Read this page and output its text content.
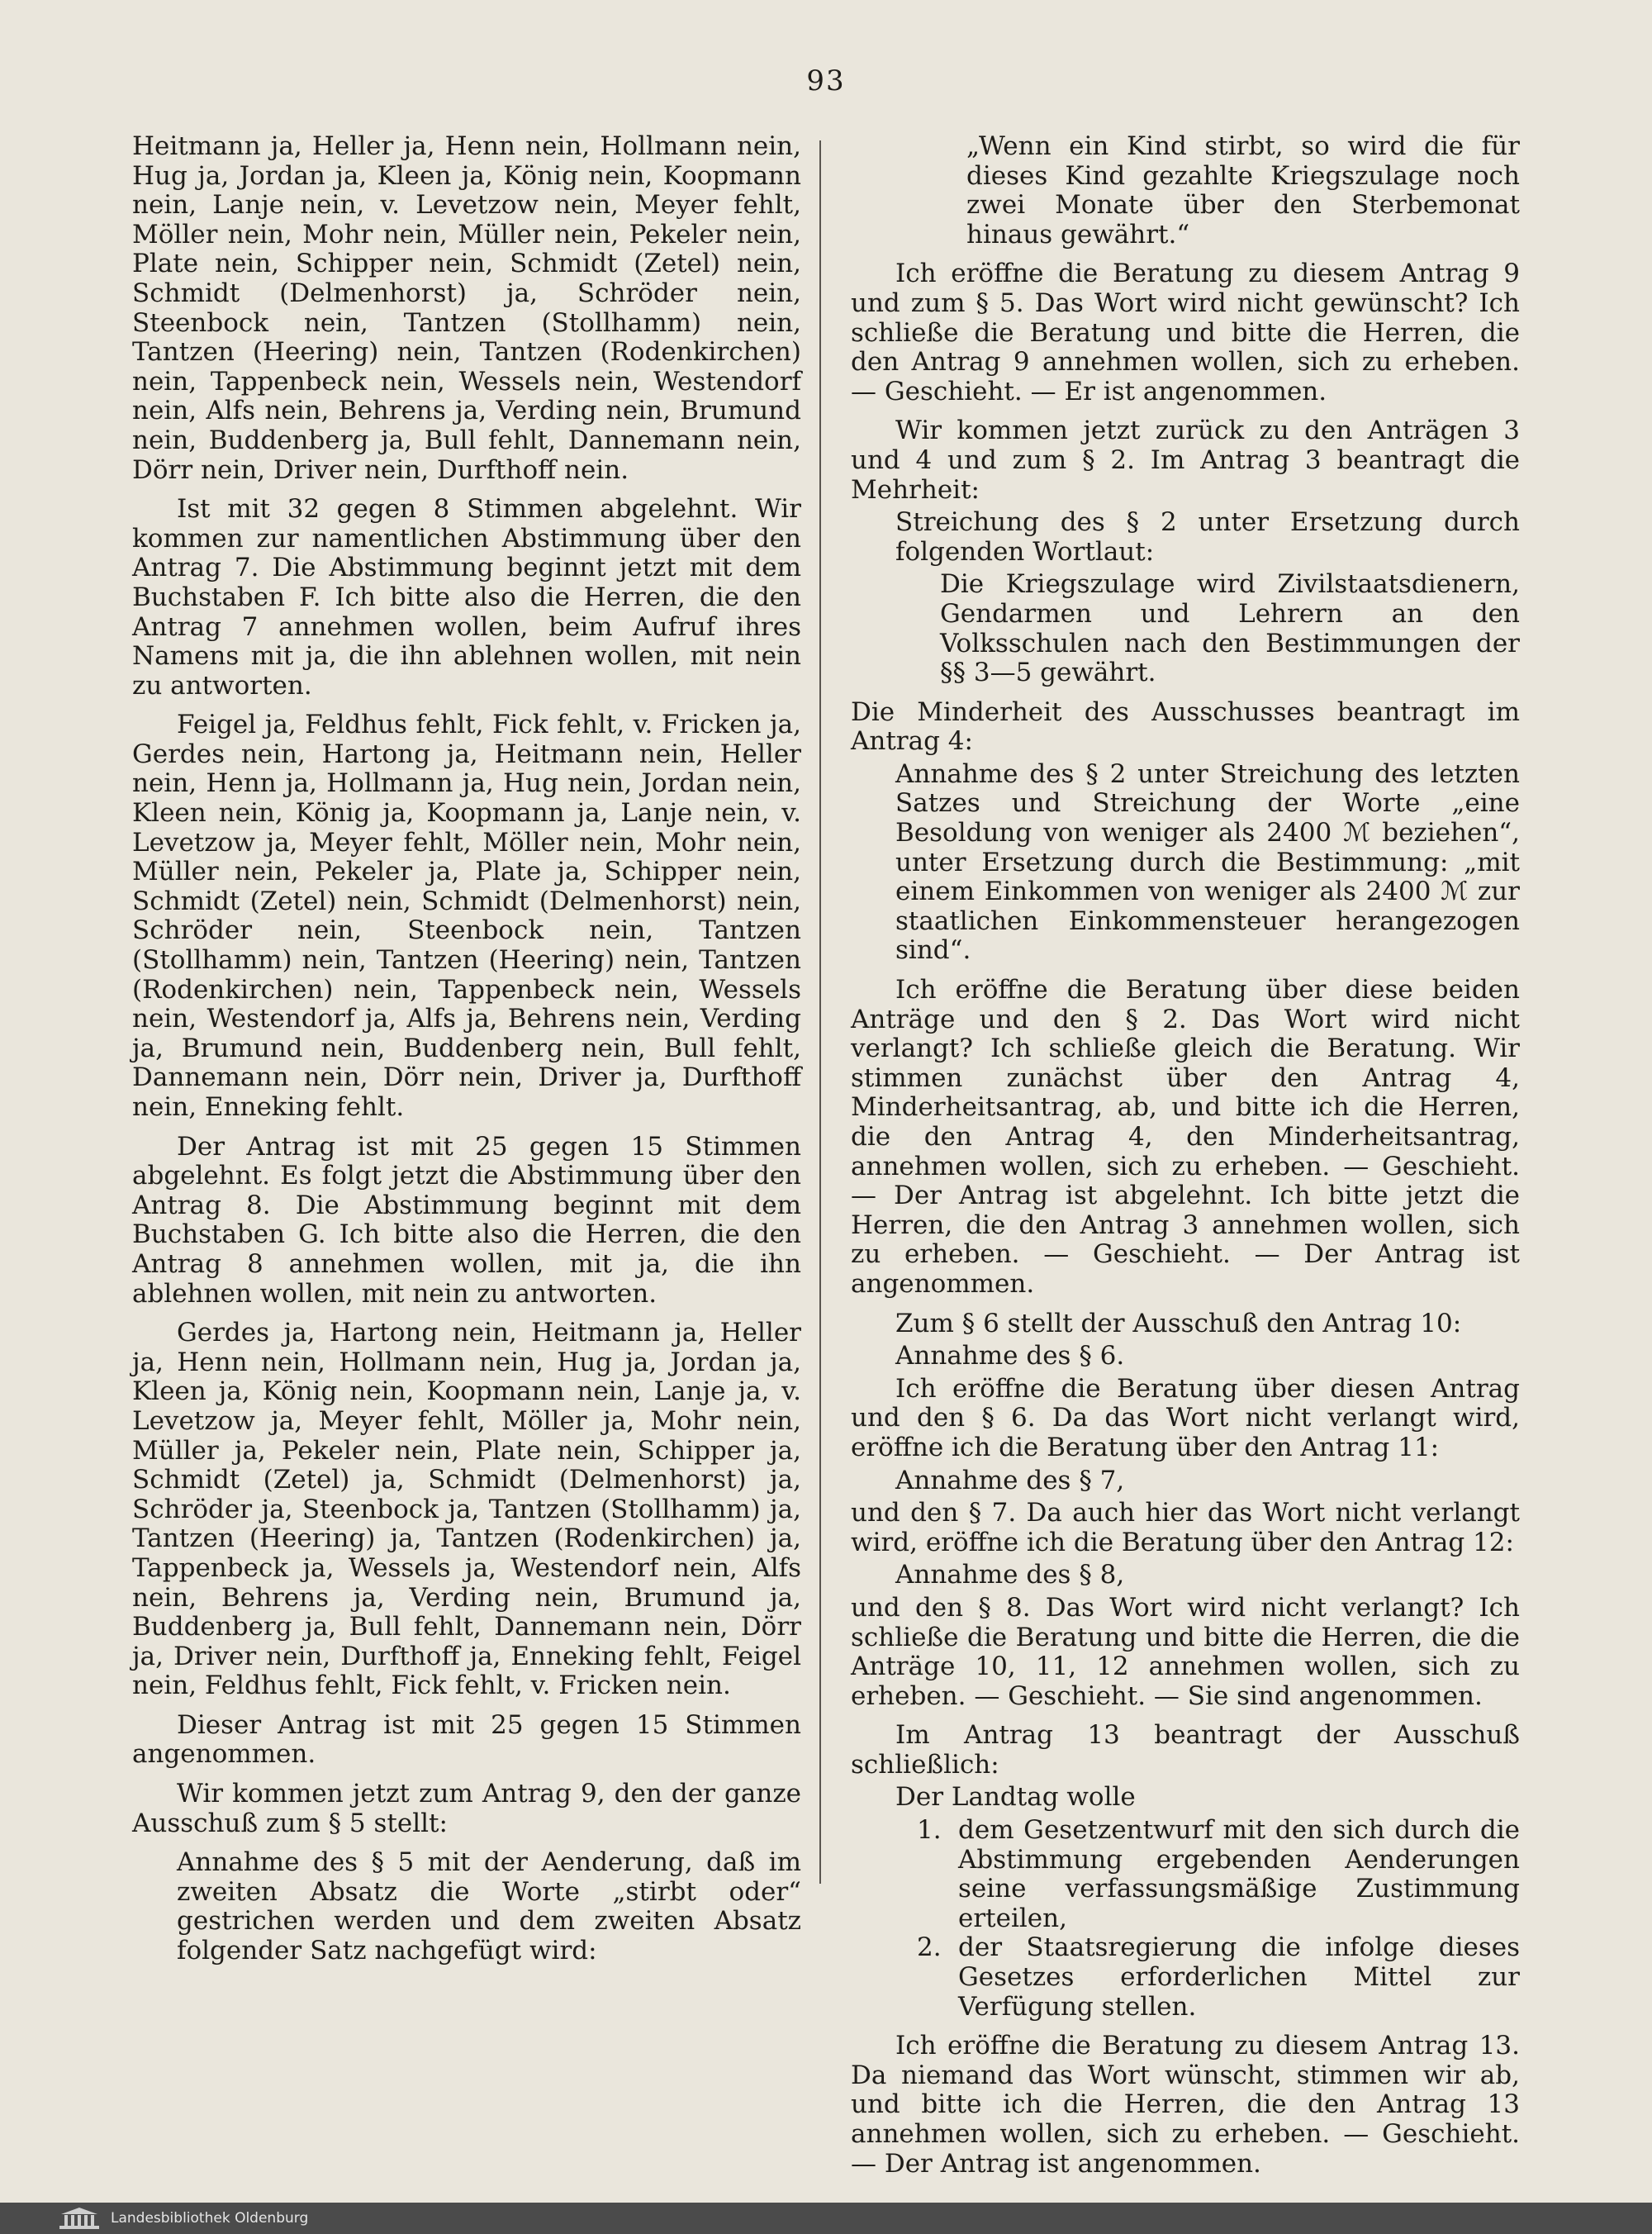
93

Heitmann ja, Heller ja, Henn nein, Hollmann nein, Hug ja, Jordan ja, Kleen ja, König nein, Koopmann nein, Lanje nein, v. Levetzow nein, Meyer fehlt, Möller nein, Mohr nein, Müller nein, Pekeler nein, Plate nein, Schipper nein, Schmidt (Zetel) nein, Schmidt (Delmenhorst) ja, Schröder nein, Steenbock nein, Tantzen (Stollhamm) nein, Tantzen (Heering) nein, Tantzen (Rodenkirchen) nein, Tappenbeck nein, Wessels nein, Westendorf nein, Alfs nein, Behrens ja, Verding nein, Brumund nein, Buddenberg ja, Bull fehlt, Dannemann nein, Dörr nein, Driver nein, Durfthoff nein.

Ist mit 32 gegen 8 Stimmen abgelehnt. Wir kommen zur namentlichen Abstimmung über den Antrag 7. Die Abstimmung beginnt jetzt mit dem Buchstaben F. Ich bitte also die Herren, die den Antrag 7 annehmen wollen, beim Aufruf ihres Namens mit ja, die ihn ablehnen wollen, mit nein zu antworten.

Feigel ja, Feldhus fehlt, Fick fehlt, v. Fricken ja, Gerdes nein, Hartong ja, Heitmann nein, Heller nein, Henn ja, Hollmann ja, Hug nein, Jordan nein, Kleen nein, König ja, Koopmann ja, Lanje nein, v. Levetzow ja, Meyer fehlt, Möller nein, Mohr nein, Müller nein, Pekeler ja, Plate ja, Schipper nein, Schmidt (Zetel) nein, Schmidt (Delmenhorst) nein, Schröder nein, Steenbock nein, Tantzen (Stollhamm) nein, Tantzen (Heering) nein, Tantzen (Rodenkirchen) nein, Tappenbeck nein, Wessels nein, Westendorf ja, Alfs ja, Behrens nein, Verding ja, Brumund nein, Buddenberg nein, Bull fehlt, Dannemann nein, Dörr nein, Driver ja, Durfthoff nein, Enneking fehlt.

Der Antrag ist mit 25 gegen 15 Stimmen abgelehnt. Es folgt jetzt die Abstimmung über den Antrag 8. Die Abstimmung beginnt mit dem Buchstaben G. Ich bitte also die Herren, die den Antrag 8 annehmen wollen, mit ja, die ihn ablehnen wollen, mit nein zu antworten.

Gerdes ja, Hartong nein, Heitmann ja, Heller ja, Henn nein, Hollmann nein, Hug ja, Jordan ja, Kleen ja, König nein, Koopmann nein, Lanje ja, v. Levetzow ja, Meyer fehlt, Möller ja, Mohr nein, Müller ja, Pekeler nein, Plate nein, Schipper ja, Schmidt (Zetel) ja, Schmidt (Delmenhorst) ja, Schröder ja, Steenbock ja, Tantzen (Stollhamm) ja, Tantzen (Heering) ja, Tantzen (Rodenkirchen) ja, Tappenbeck ja, Wessels ja, Westendorf nein, Alfs nein, Behrens ja, Verding nein, Brumund ja, Buddenberg ja, Bull fehlt, Dannemann nein, Dörr ja, Driver nein, Durfthoff ja, Enneking fehlt, Feigel nein, Feldhus fehlt, Fick fehlt, v. Fricken nein.

Dieser Antrag ist mit 25 gegen 15 Stimmen angenommen.

Wir kommen jetzt zum Antrag 9, den der ganze Ausschuß zum § 5 stellt:

Annahme des § 5 mit der Aenderung, daß im zweiten Absatz die Worte „stirbt oder“ gestrichen werden und dem zweiten Absatz folgender Satz nachgefügt wird:

„Wenn ein Kind stirbt, so wird die für dieses Kind gezahlte Kriegszulage noch zwei Monate über den Sterbemonat hinaus gewährt.“

Ich eröffne die Beratung zu diesem Antrag 9 und zum § 5. Das Wort wird nicht gewünscht? Ich schließe die Beratung und bitte die Herren, die den Antrag 9 annehmen wollen, sich zu erheben. — Geschieht. — Er ist angenommen.

Wir kommen jetzt zurück zu den Anträgen 3 und 4 und zum § 2. Im Antrag 3 beantragt die Mehrheit:

Streichung des § 2 unter Ersetzung durch folgenden Wortlaut:

Die Kriegszulage wird Zivilstaatsdienern, Gendarmen und Lehrern an den Volksschulen nach den Bestimmungen der §§ 3—5 gewährt.

Die Minderheit des Ausschusses beantragt im Antrag 4:

Annahme des § 2 unter Streichung des letzten Satzes und Streichung der Worte „eine Besoldung von weniger als 2400 ℳ beziehen“, unter Ersetzung durch die Bestimmung: „mit einem Einkommen von weniger als 2400 ℳ zur staatlichen Einkommensteuer herangezogen sind“.

Ich eröffne die Beratung über diese beiden Anträge und den § 2. Das Wort wird nicht verlangt? Ich schließe gleich die Beratung. Wir stimmen zunächst über den Antrag 4, Minderheitsantrag, ab, und bitte ich die Herren, die den Antrag 4, den Minderheitsantrag, annehmen wollen, sich zu erheben. — Geschieht. — Der Antrag ist abgelehnt. Ich bitte jetzt die Herren, die den Antrag 3 annehmen wollen, sich zu erheben. — Geschieht. — Der Antrag ist angenommen.

Zum § 6 stellt der Ausschuß den Antrag 10:

Annahme des § 6.

Ich eröffne die Beratung über diesen Antrag und den § 6. Da das Wort nicht verlangt wird, eröffne ich die Beratung über den Antrag 11:

Annahme des § 7,

und den § 7. Da auch hier das Wort nicht verlangt wird, eröffne ich die Beratung über den Antrag 12:

Annahme des § 8,

und den § 8. Das Wort wird nicht verlangt? Ich schließe die Beratung und bitte die Herren, die die Anträge 10, 11, 12 annehmen wollen, sich zu erheben. — Geschieht. — Sie sind angenommen.

Im Antrag 13 beantragt der Ausschuß schließlich:

Der Landtag wolle

1. dem Gesetzentwurf mit den sich durch die Abstimmung ergebenden Aenderungen seine verfassungsmäßige Zustimmung erteilen,
2. der Staatsregierung die infolge dieses Gesetzes erforderlichen Mittel zur Verfügung stellen.

Ich eröffne die Beratung zu diesem Antrag 13. Da niemand das Wort wünscht, stimmen wir ab, und bitte ich die Herren, die den Antrag 13 annehmen wollen, sich zu erheben. — Geschieht. — Der Antrag ist angenommen.

Landesbibliothek Oldenburg
